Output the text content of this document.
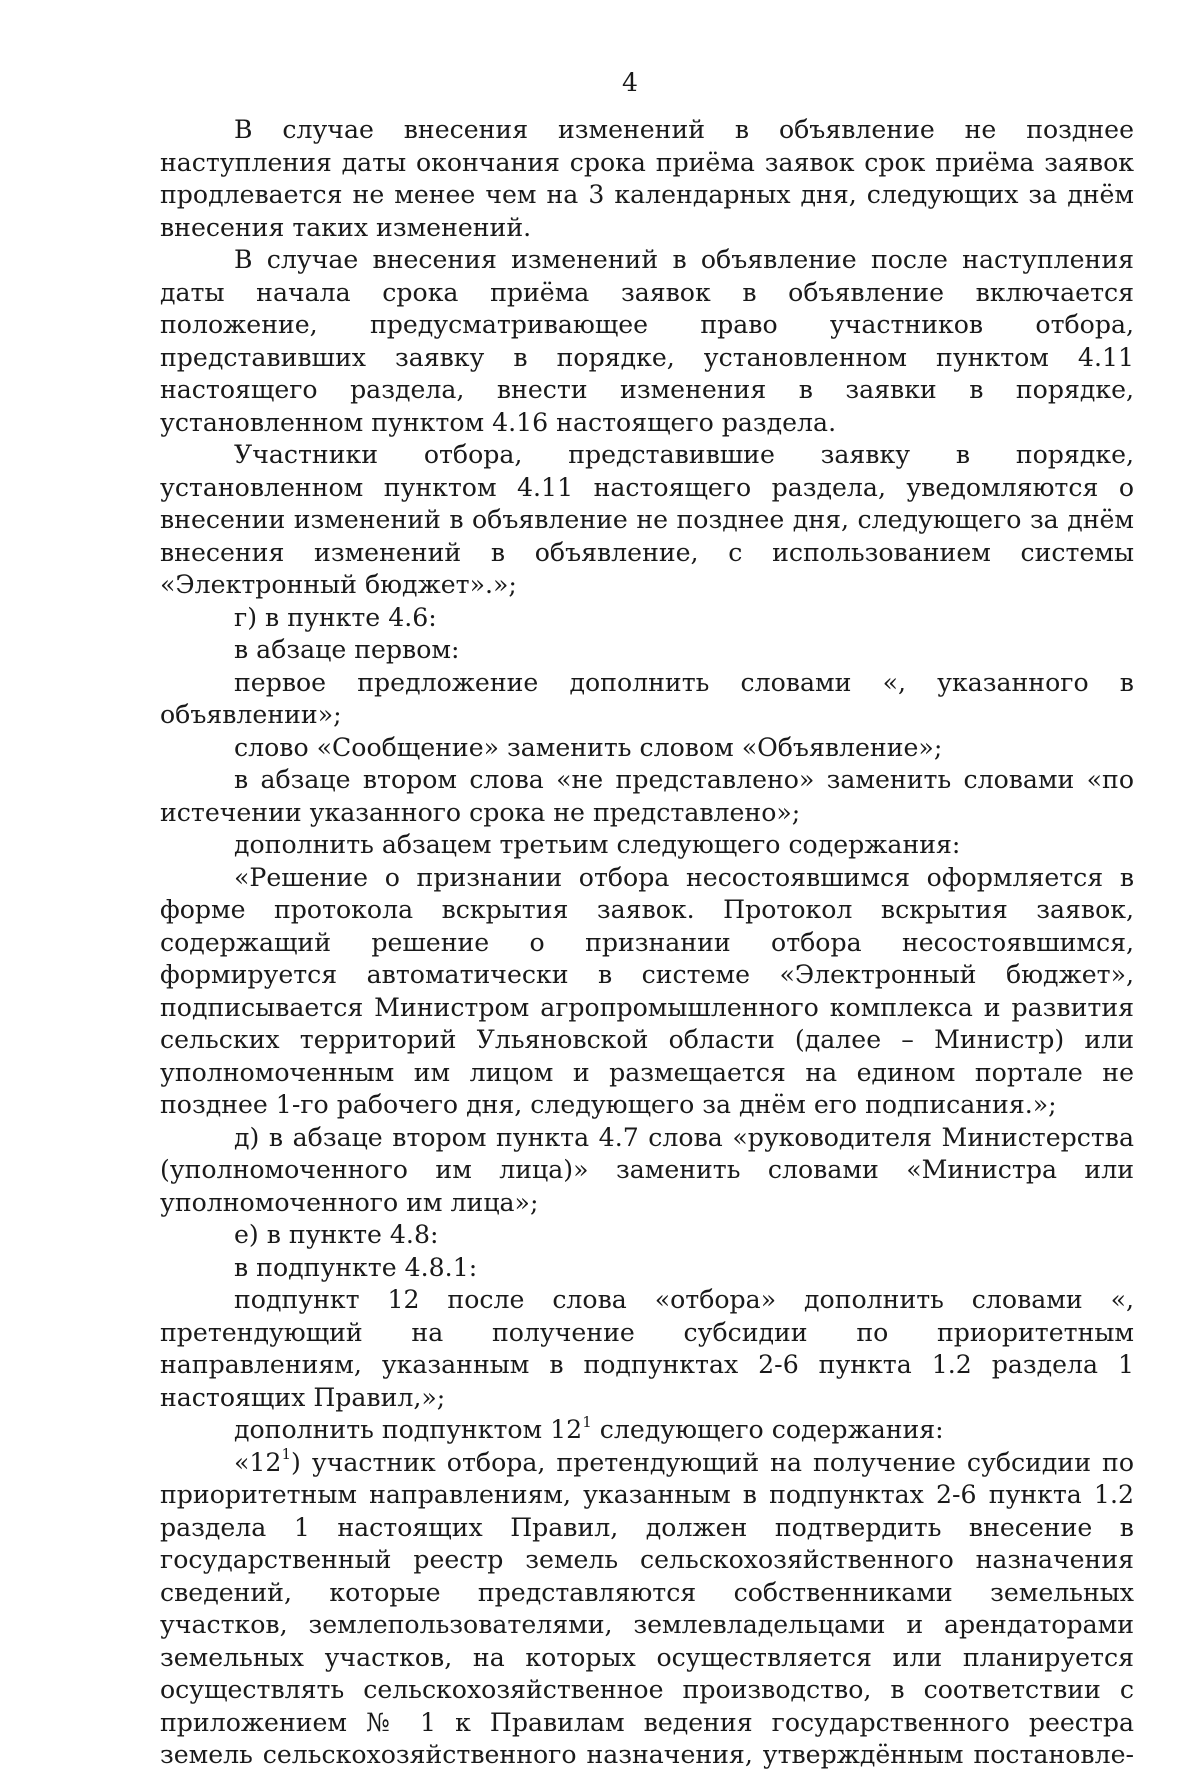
4

В случае внесения изменений в объявление не позднее наступления даты окончания срока приёма заявок срок приёма заявок продлевается не менее чем на 3 календарных дня, следующих за днём внесения таких изменений.

В случае внесения изменений в объявление после наступления даты начала срока приёма заявок в объявление включается положение, предусматривающее право участников отбора, представивших заявку в порядке, установленном пунктом 4.11 настоящего раздела, внести изменения в заявки в порядке, установленном пунктом 4.16 настоящего раздела.

Участники отбора, представившие заявку в порядке, установленном пунктом 4.11 настоящего раздела, уведомляются о внесении изменений в объявление не позднее дня, следующего за днём внесения изменений в объявление, с использованием системы «Электронный бюджет».»;

г) в пункте 4.6:

в абзаце первом:

первое предложение дополнить словами «, указанного в объявлении»;

слово «Сообщение» заменить словом «Объявление»;

в абзаце втором слова «не представлено» заменить словами «по истечении указанного срока не представлено»;

дополнить абзацем третьим следующего содержания:

«Решение о признании отбора несостоявшимся оформляется в форме протокола вскрытия заявок. Протокол вскрытия заявок, содержащий решение о признании отбора несостоявшимся, формируется автоматически в системе «Электронный бюджет», подписывается Министром агропромышленного комплекса и развития сельских территорий Ульяновской области (далее – Министр) или уполномоченным им лицом и размещается на едином портале не позднее 1-го рабочего дня, следующего за днём его подписания.»;

д) в абзаце втором пункта 4.7 слова «руководителя Министерства (уполномоченного им лица)» заменить словами «Министра или уполномоченного им лица»;

е) в пункте 4.8:

в подпункте 4.8.1:

подпункт 12 после слова «отбора» дополнить словами «, претендующий на получение субсидии по приоритетным направлениям, указанным в подпунктах 2-6 пункта 1.2 раздела 1 настоящих Правил,»;

дополнить подпунктом $12^1$ следующего содержания:

«$12^1$) участник отбора, претендующий на получение субсидии по приоритетным направлениям, указанным в подпунктах 2-6 пункта 1.2 раздела 1 настоящих Правил, должен подтвердить внесение в государственный реестр земель сельскохозяйственного назначения сведений, которые представляются собственниками земельных участков, землепользователями, землевладельцами и арендаторами земельных участков, на которых осуществляется или планируется осуществлять сельскохозяйственное производство, в соответствии с приложением № 1 к Правилам ведения государственного реестра земель сельскохозяйственного назначения, утверждённым постановле-
